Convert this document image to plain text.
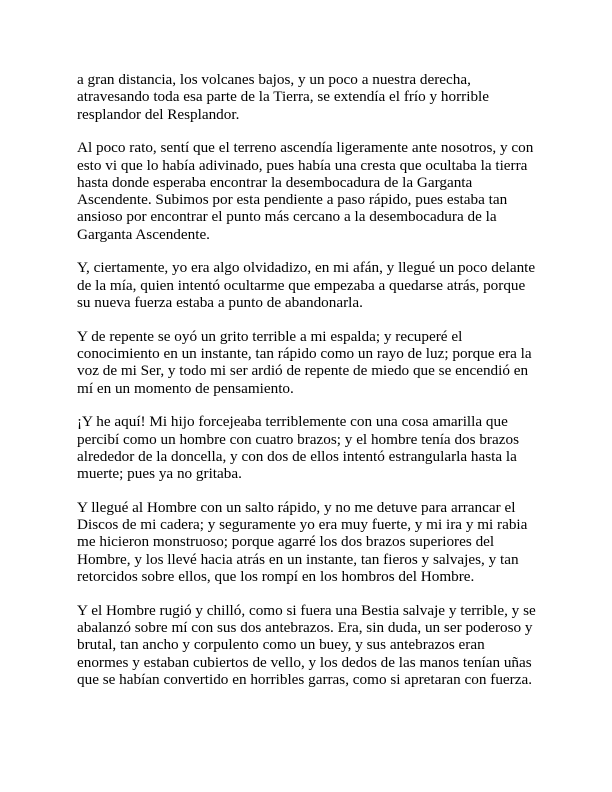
a gran distancia, los volcanes bajos, y un poco a nuestra derecha, atravesando toda esa parte de la Tierra, se extendía el frío y horrible resplandor del Resplandor.

Al poco rato, sentí que el terreno ascendía ligeramente ante nosotros, y con esto vi que lo había adivinado, pues había una cresta que ocultaba la tierra hasta donde esperaba encontrar la desembocadura de la Garganta Ascendente. Subimos por esta pendiente a paso rápido, pues estaba tan ansioso por encontrar el punto más cercano a la desembocadura de la Garganta Ascendente.

Y, ciertamente, yo era algo olvidadizo, en mi afán, y llegué un poco delante de la mía, quien intentó ocultarme que empezaba a quedarse atrás, porque su nueva fuerza estaba a punto de abandonarla.

Y de repente se oyó un grito terrible a mi espalda; y recuperé el conocimiento en un instante, tan rápido como un rayo de luz; porque era la voz de mi Ser, y todo mi ser ardió de repente de miedo que se encendió en mí en un momento de pensamiento.

¡Y he aquí! Mi hijo forcejeaba terriblemente con una cosa amarilla que percibí como un hombre con cuatro brazos; y el hombre tenía dos brazos alrededor de la doncella, y con dos de ellos intentó estrangularla hasta la muerte; pues ya no gritaba.

Y llegué al Hombre con un salto rápido, y no me detuve para arrancar el Discos de mi cadera; y seguramente yo era muy fuerte, y mi ira y mi rabia me hicieron monstruoso; porque agarré los dos brazos superiores del Hombre, y los llevé hacia atrás en un instante, tan fieros y salvajes, y tan retorcidos sobre ellos, que los rompí en los hombros del Hombre.

Y el Hombre rugió y chilló, como si fuera una Bestia salvaje y terrible, y se abalanzó sobre mí con sus dos antebrazos. Era, sin duda, un ser poderoso y brutal, tan ancho y corpulento como un buey, y sus antebrazos eran enormes y estaban cubiertos de vello, y los dedos de las manos tenían uñas que se habían convertido en horribles garras, como si apretaran con fuerza.
